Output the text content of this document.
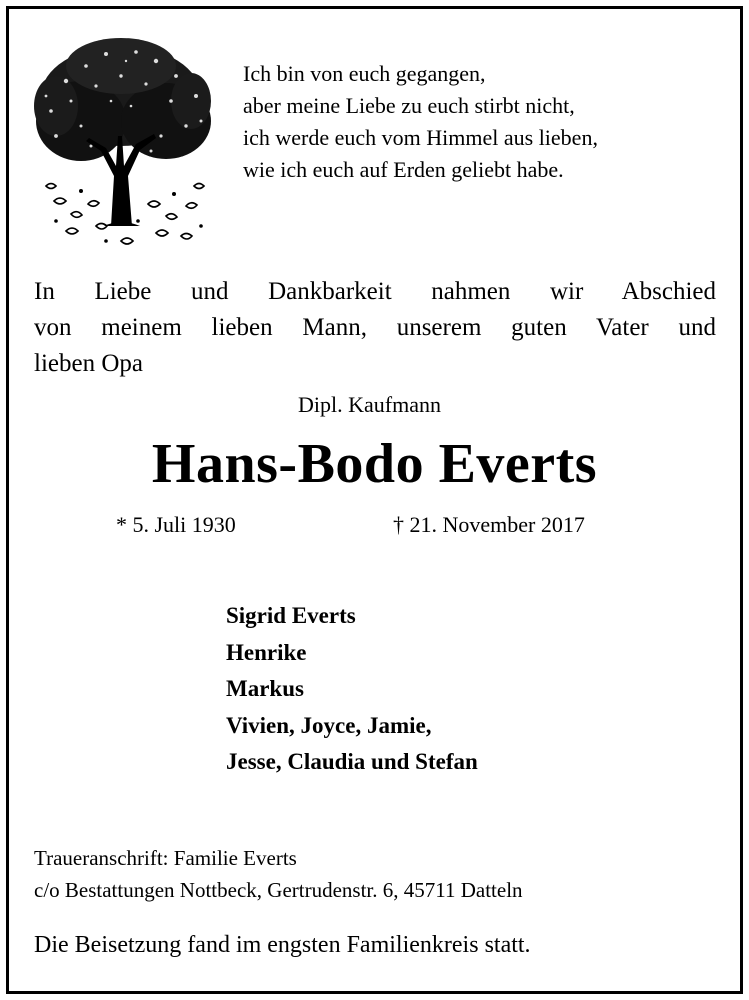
Ich bin von euch gegangen,
aber meine Liebe zu euch stirbt nicht,
ich werde euch vom Himmel aus lieben,
wie ich euch auf Erden geliebt habe.
In Liebe und Dankbarkeit nahmen wir Abschied
von meinem lieben Mann, unserem guten Vater und
lieben Opa
Dipl. Kaufmann
Hans-Bodo Everts
* 5. Juli 1930	† 21. November 2017
Sigrid Everts
Henrike
Markus
Vivien, Joyce, Jamie,
Jesse, Claudia und Stefan
Traueranschrift: Familie Everts
c/o Bestattungen Nottbeck, Gertrudenstr. 6, 45711 Datteln
Die Beisetzung fand im engsten Familienkreis statt.
